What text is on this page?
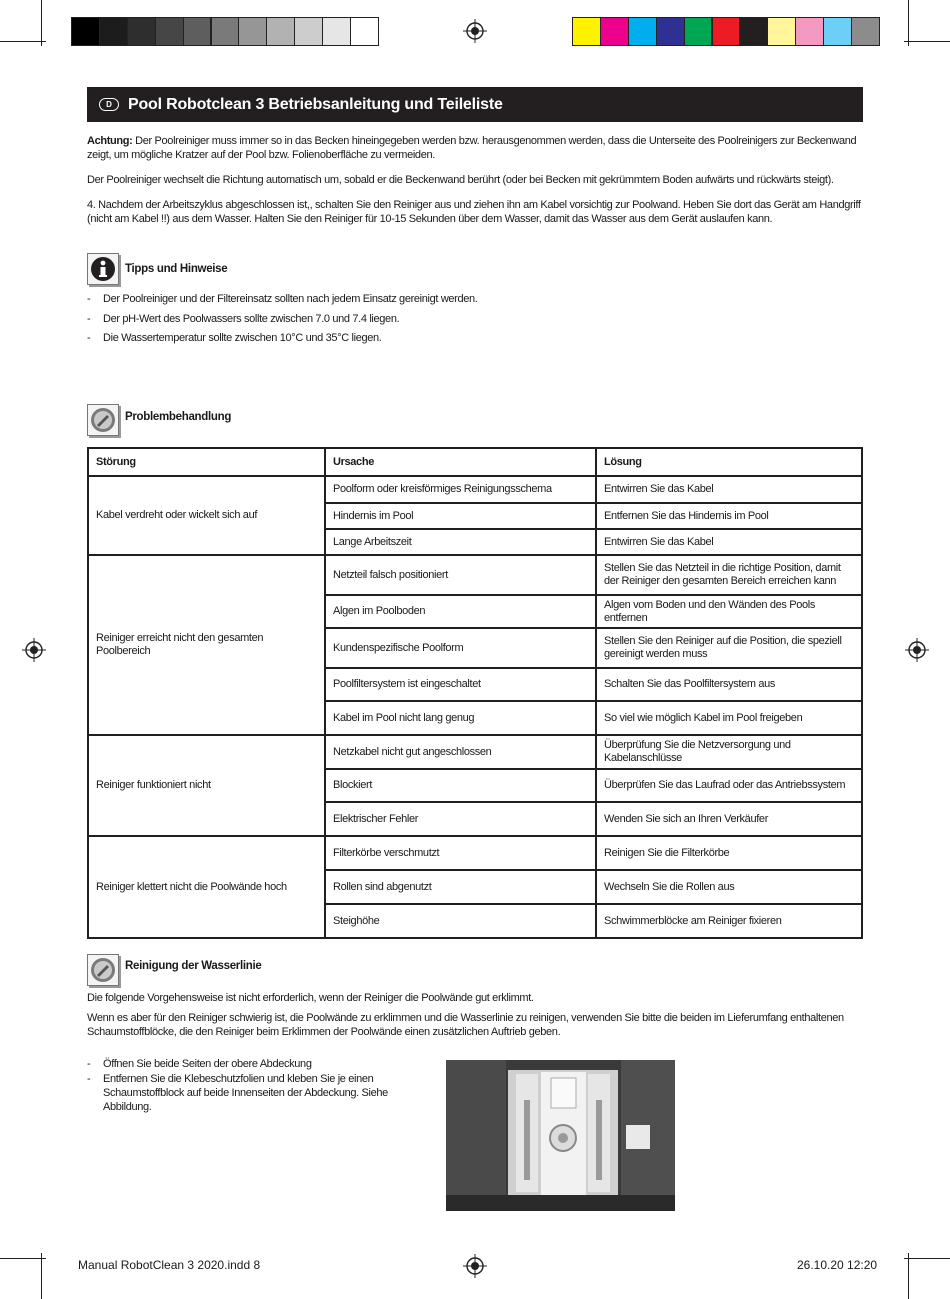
D	Pool Robotclean 3 Betriebsanleitung und Teileliste
Achtung: Der Poolreiniger muss immer so in das Becken hineingegeben werden bzw. herausgenommen werden, dass die Unterseite des Poolreinigers zur Beckenwand zeigt, um mögliche Kratzer auf der Pool bzw. Folienoberfläche zu vermeiden.
Der Poolreiniger wechselt die Richtung automatisch um, sobald er die Beckenwand berührt (oder bei Becken mit gekrümmtem Boden aufwärts und rückwärts steigt).
4. Nachdem der Arbeitszyklus abgeschlossen ist,, schalten Sie den Reiniger aus und ziehen ihn am Kabel vorsichtig zur Poolwand. Heben Sie dort das Gerät am Handgriff (nicht am Kabel !!) aus dem Wasser. Halten Sie den Reiniger für 10-15 Sekunden über dem Wasser, damit das Wasser aus dem Gerät auslaufen kann.
Tipps und Hinweise
- Der Poolreiniger und der Filtereinsatz sollten nach jedem Einsatz gereinigt werden.
- Der pH-Wert des Poolwassers sollte zwischen 7.0 und 7.4 liegen.
- Die Wassertemperatur sollte zwischen 10°C und 35°C liegen.
Problembehandlung
Störung	Ursache	Lösung
Kabel verdreht oder wickelt sich auf	Poolform oder kreisförmiges Reinigungsschema	Entwirren Sie das Kabel
	Hindernis im Pool	Entfernen Sie das Hindernis im Pool
	Lange Arbeitszeit	Entwirren Sie das Kabel
Reiniger erreicht nicht den gesamten Poolbereich	Netzteil falsch positioniert	Stellen Sie das Netzteil in die richtige Position, damit der Reiniger den gesamten Bereich erreichen kann
	Algen im Poolboden	Algen vom Boden und den Wänden des Pools entfernen
	Kundenspezifische Poolform	Stellen Sie den Reiniger auf die Position, die speziell gereinigt werden muss
	Poolfiltersystem ist eingeschaltet	Schalten Sie das Poolfiltersystem aus
	Kabel im Pool nicht lang genug	So viel wie möglich Kabel im Pool freigeben
Reiniger funktioniert nicht	Netzkabel nicht gut angeschlossen	Überprüfung Sie die Netzversorgung und Kabelanschlüsse
	Blockiert	Überprüfen Sie das Laufrad oder das Antriebssystem
	Elektrischer Fehler	Wenden Sie sich an Ihren Verkäufer
Reiniger klettert nicht die Poolwände hoch	Filterkörbe verschmutzt	Reinigen Sie die Filterkörbe
	Rollen sind abgenutzt	Wechseln Sie die Rollen aus
	Steighöhe	Schwimmerblöcke am Reiniger fixieren
Reinigung der Wasserlinie
Die folgende Vorgehensweise ist nicht erforderlich, wenn der Reiniger die Poolwände gut erklimmt.
Wenn es aber für den Reiniger schwierig ist, die Poolwände zu erklimmen und die Wasserlinie zu reinigen, verwenden Sie bitte die beiden im Lieferumfang enthaltenen Schaumstoffblöcke, die den Reiniger beim Erklimmen der Poolwände einen zusätzlichen Auftrieb geben.
- Öffnen Sie beide Seiten der obere Abdeckung
-	Entfernen Sie die Klebeschutzfolien und kleben Sie je einen Schaumstoffblock auf beide Innenseiten der Abdeckung. Siehe Abbildung.
Manual RobotClean 3 2020.indd 8	26.10.20 12:20
